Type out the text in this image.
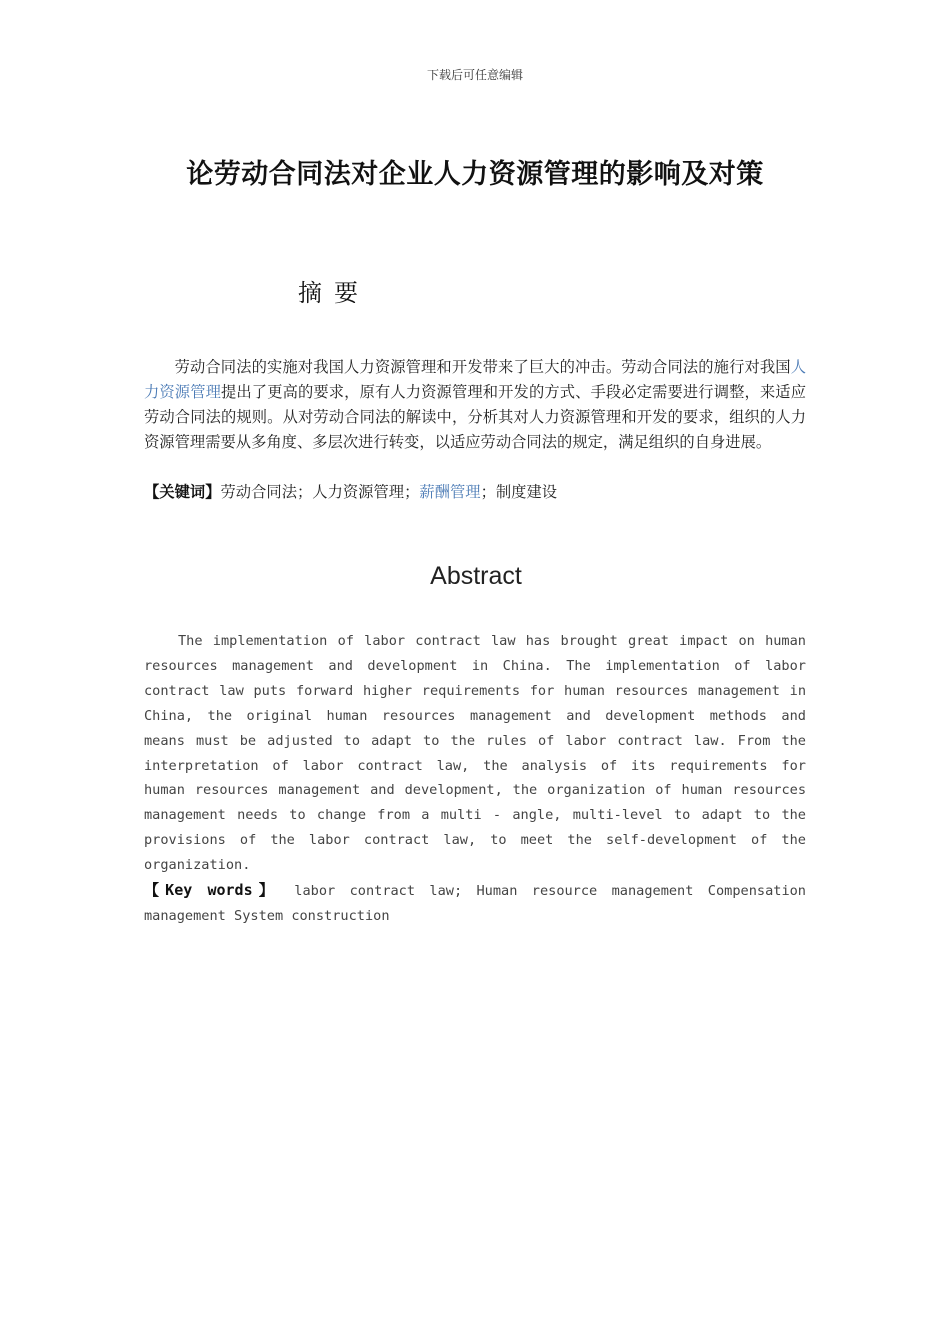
下载后可任意编辑
论劳动合同法对企业人力资源管理的影响及对策
摘要
劳动合同法的实施对我国人力资源管理和开发带来了巨大的冲击。劳动合同法的施行对我国人力资源管理提出了更高的要求，原有人力资源管理和开发的方式、手段必定需要进行调整，来适应劳动合同法的规则。从对劳动合同法的解读中，分析其对人力资源管理和开发的要求，组织的人力资源管理需要从多角度、多层次进行转变，以适应劳动合同法的规定，满足组织的自身进展。
【关键词】劳动合同法；人力资源管理；薪酬管理；制度建设
Abstract
The implementation of labor contract law has brought great impact on human resources management and development in China. The implementation of labor contract law puts forward higher requirements for human resources management in China, the original human resources management and development methods and means must be adjusted to adapt to the rules of labor contract law. From the interpretation of labor contract law, the analysis of its requirements for human resources management and development, the organization of human resources management needs to change from a multi - angle, multi-level to adapt to the provisions of the labor contract law, to meet the self-development of the organization.
【Key words】 labor contract law; Human resource management Compensation management System construction
